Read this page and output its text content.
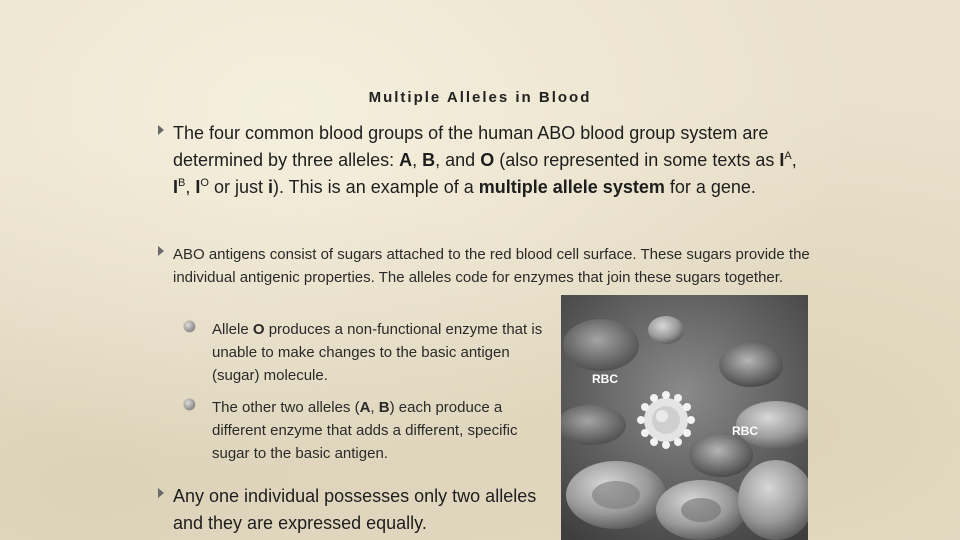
Multiple Alleles in Blood
The four common blood groups of the human ABO blood group system are determined by three alleles: A, B, and O (also represented in some texts as $I^A$, $I^B$, $I^O$ or just i). This is an example of a multiple allele system for a gene.
ABO antigens consist of sugars attached to the red blood cell surface. These sugars provide the individual antigenic properties. The alleles code for enzymes that join these sugars together.
Allele O produces a non-functional enzyme that is unable to make changes to the basic antigen (sugar) molecule.
The other two alleles (A, B) each produce a different enzyme that adds a different, specific sugar to the basic antigen.
Any one individual possesses only two alleles and they are expressed equally.
RBC
RBC
